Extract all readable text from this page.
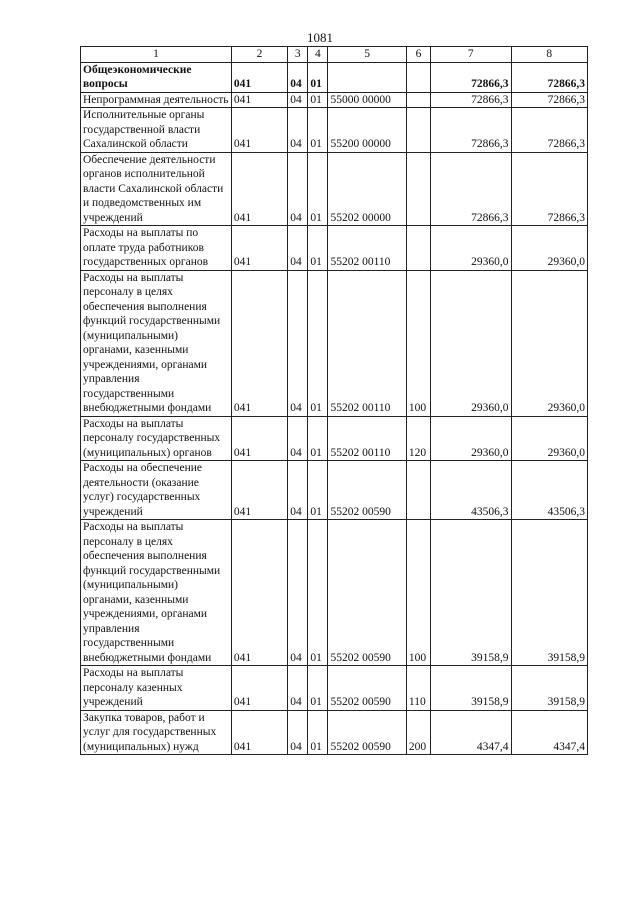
1081
1	2	3	4	5	6	7	8
Общеэкономические вопросы	041	04	01			72866,3	72866,3
Непрограммная деятельность	041	04	01	55000 00000		72866,3	72866,3
Исполнительные органы государственной власти Сахалинской области	041	04	01	55200 00000		72866,3	72866,3
Обеспечение деятельности органов исполнительной власти Сахалинской области и подведомственных им учреждений	041	04	01	55202 00000		72866,3	72866,3
Расходы на выплаты по оплате труда работников государственных органов	041	04	01	55202 00110		29360,0	29360,0
Расходы на выплаты персоналу в целях обеспечения выполнения функций государственными (муниципальными) органами, казенными учреждениями, органами управления государственными внебюджетными фондами	041	04	01	55202 00110	100	29360,0	29360,0
Расходы на выплаты персоналу государственных (муниципальных) органов	041	04	01	55202 00110	120	29360,0	29360,0
Расходы на обеспечение деятельности (оказание услуг) государственных учреждений	041	04	01	55202 00590		43506,3	43506,3
Расходы на выплаты персоналу в целях обеспечения выполнения функций государственными (муниципальными) органами, казенными учреждениями, органами управления государственными внебюджетными фондами	041	04	01	55202 00590	100	39158,9	39158,9
Расходы на выплаты персоналу казенных учреждений	041	04	01	55202 00590	110	39158,9	39158,9
Закупка товаров, работ и услуг для государственных (муниципальных) нужд	041	04	01	55202 00590	200	4347,4	4347,4
